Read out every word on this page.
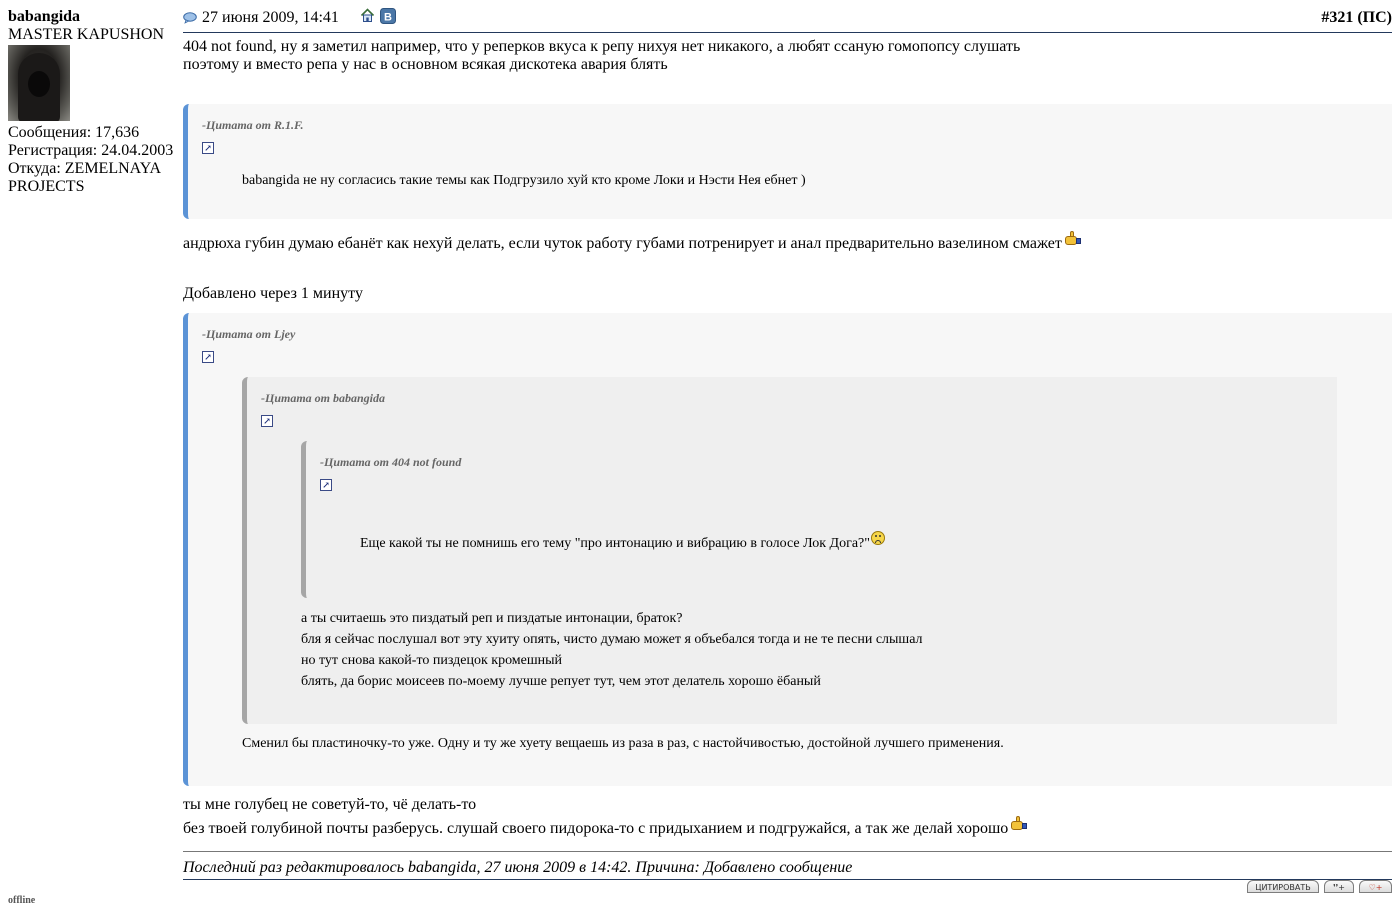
babangida
MASTER KAPUSHON
Сообщения: 17,636
Регистрация: 24.04.2003
Откуда: ZEMELNAYA
PROJECTS
offline
27 июня 2009, 14:41	В	#321 (ПС)
404 not found, ну я заметил например, что у реперков вкуса к репу нихуя нет никакого, а любят ссаную гомопопсу слушать
поэтому и вместо репа у нас в основном всякая дискотека авария блять
-Цитата от R.1.F.
↗
babangida не ну согласись такие темы как Подгрузило хуй кто кроме Локи и Нэсти Нея ебнет )
андрюха губин думаю ебанёт как нехуй делать, если чуток работу губами потренирует и анал предварительно вазелином смажет
Добавлено через 1 минуту
-Цитата от Ljey
↗
-Цитата от babangida
↗
-Цитата от 404 not found
↗
Еще какой ты не помнишь его тему "про интонацию и вибрацию в голосе Лок Дога?"
а ты считаешь это пиздатый реп и пиздатые интонации, браток?
бля я сейчас послушал вот эту хуиту опять, чисто думаю может я объебался тогда и не те песни слышал
но тут снова какой-то пиздецок кромешный
блять, да борис моисеев по-моему лучше репует тут, чем этот делатель хорошо ёбаный
Сменил бы пластиночку-то уже. Одну и ту же хуету вещаешь из раза в раз, с настойчивостью, достойной лучшего применения.
ты мне голубец не советуй-то, чё делать-то
без твоей голубиной почты разберусь. слушай своего пидорока-то с придыханием и подгружайся, а так же делай хорошо
Последний раз редактировалось babangida, 27 июня 2009 в 14:42. Причина: Добавлено сообщение
ЦИТИРОВАТЬ	❜❜+	♡+
